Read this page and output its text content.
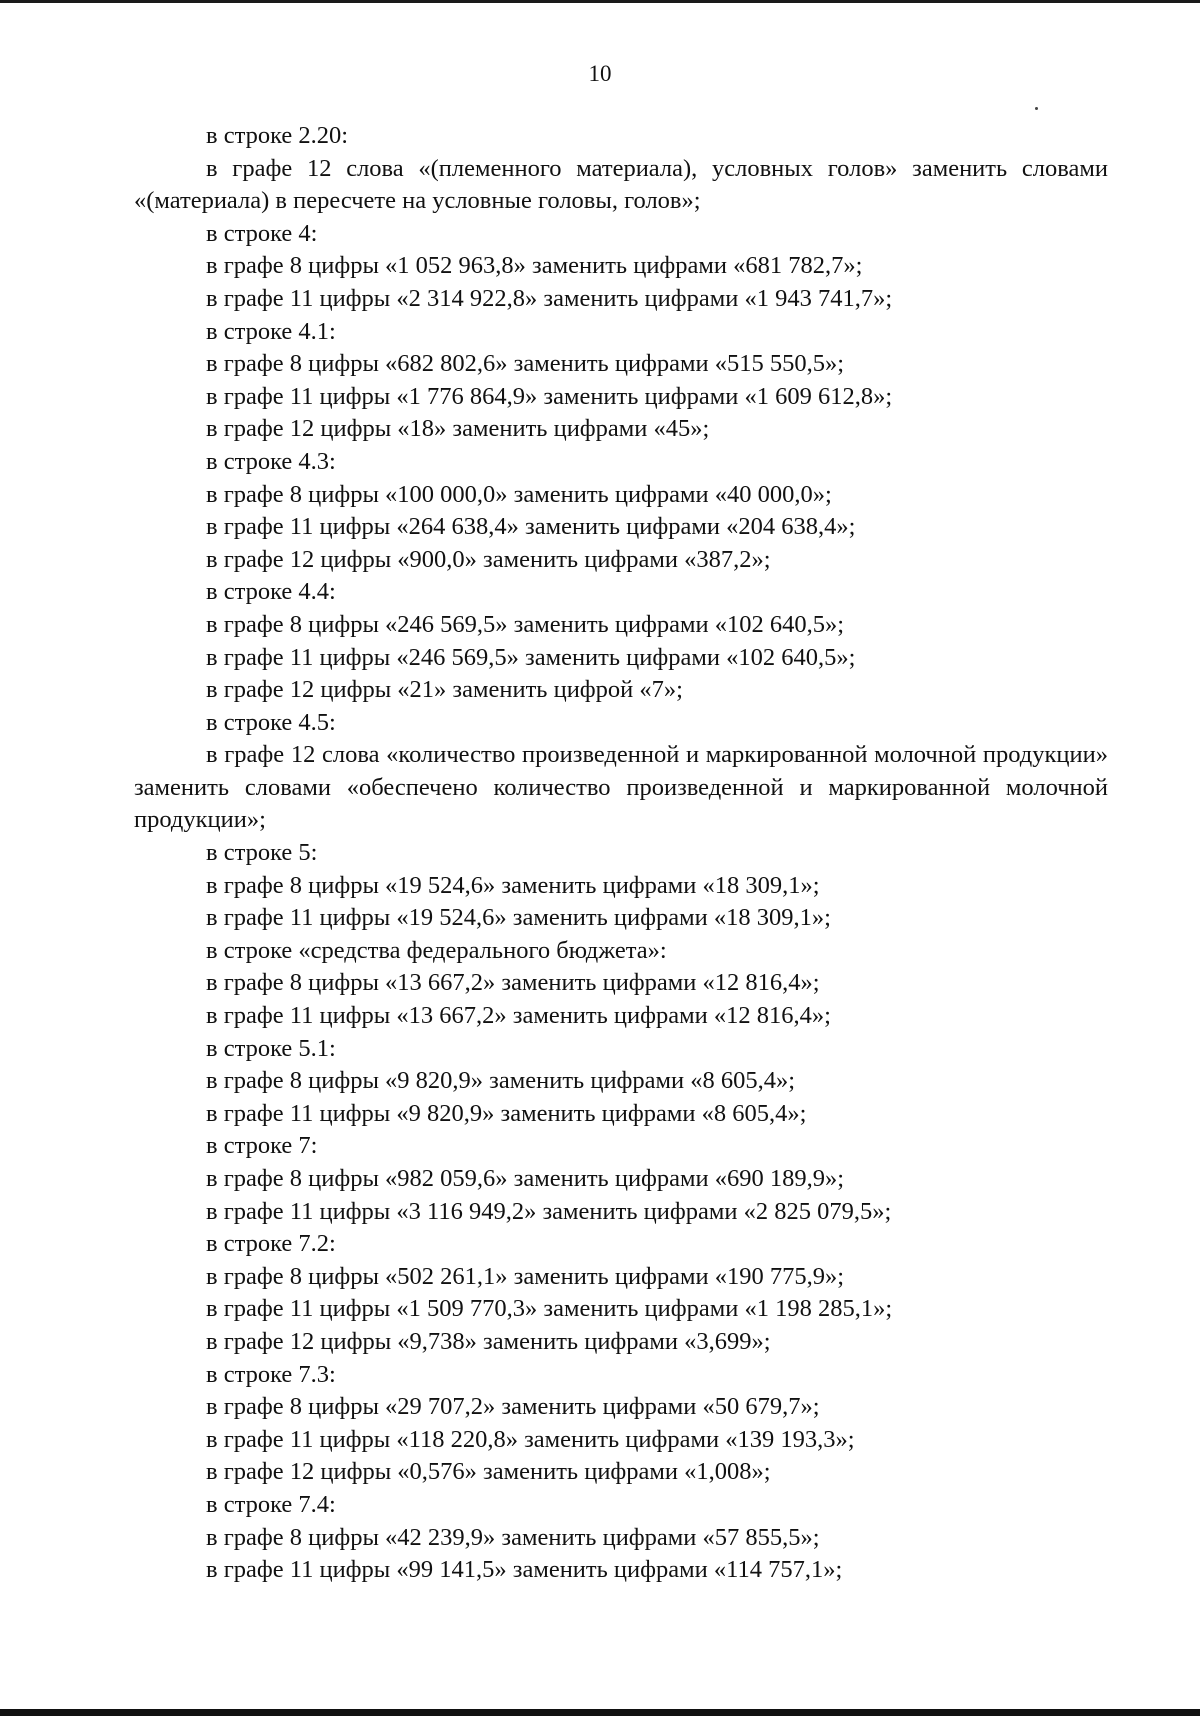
10
в строке 2.20:
в графе 12 слова «(племенного материала), условных голов» заменить словами «(материала) в пересчете на условные головы, голов»;
в строке 4:
в графе 8 цифры «1 052 963,8» заменить цифрами «681 782,7»;
в графе 11 цифры «2 314 922,8» заменить цифрами «1 943 741,7»;
в строке 4.1:
в графе 8 цифры «682 802,6» заменить цифрами «515 550,5»;
в графе 11 цифры «1 776 864,9» заменить цифрами «1 609 612,8»;
в графе 12 цифры «18» заменить цифрами «45»;
в строке 4.3:
в графе 8 цифры «100 000,0» заменить цифрами «40 000,0»;
в графе 11 цифры «264 638,4» заменить цифрами «204 638,4»;
в графе 12 цифры «900,0» заменить цифрами «387,2»;
в строке 4.4:
в графе 8 цифры «246 569,5» заменить цифрами «102 640,5»;
в графе 11 цифры «246 569,5» заменить цифрами «102 640,5»;
в графе 12 цифры «21» заменить цифрой «7»;
в строке 4.5:
в графе 12 слова «количество произведенной и маркированной молочной продукции» заменить словами «обеспечено количество произведенной и маркированной молочной продукции»;
в строке 5:
в графе 8 цифры «19 524,6» заменить цифрами «18 309,1»;
в графе 11 цифры «19 524,6» заменить цифрами «18 309,1»;
в строке «средства федерального бюджета»:
в графе 8 цифры «13 667,2» заменить цифрами «12 816,4»;
в графе 11 цифры «13 667,2» заменить цифрами «12 816,4»;
в строке 5.1:
в графе 8 цифры «9 820,9» заменить цифрами «8 605,4»;
в графе 11 цифры «9 820,9» заменить цифрами «8 605,4»;
в строке 7:
в графе 8 цифры «982 059,6» заменить цифрами «690 189,9»;
в графе 11 цифры «3 116 949,2» заменить цифрами «2 825 079,5»;
в строке 7.2:
в графе 8 цифры «502 261,1» заменить цифрами «190 775,9»;
в графе 11 цифры «1 509 770,3» заменить цифрами «1 198 285,1»;
в графе 12 цифры «9,738» заменить цифрами «3,699»;
в строке 7.3:
в графе 8 цифры «29 707,2» заменить цифрами «50 679,7»;
в графе 11 цифры «118 220,8» заменить цифрами «139 193,3»;
в графе 12 цифры «0,576» заменить цифрами «1,008»;
в строке 7.4:
в графе 8 цифры «42 239,9» заменить цифрами «57 855,5»;
в графе 11 цифры «99 141,5» заменить цифрами «114 757,1»;
